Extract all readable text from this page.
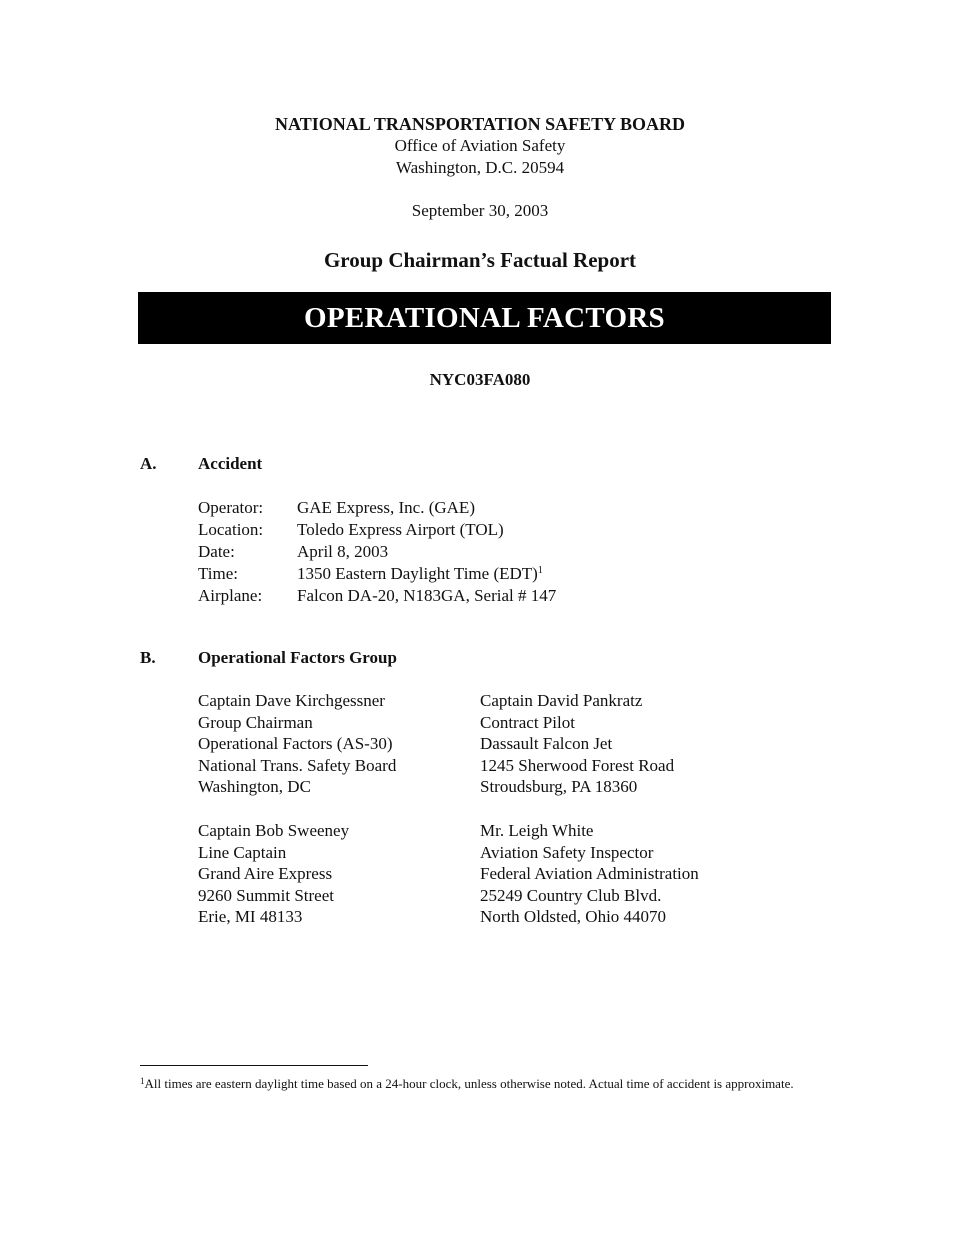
NATIONAL TRANSPORTATION SAFETY BOARD
Office of Aviation Safety
Washington, D.C. 20594
September 30, 2003
Group Chairman’s Factual Report
OPERATIONAL FACTORS
NYC03FA080
A. Accident
Operator:	GAE Express, Inc. (GAE)
Location:	Toledo Express Airport (TOL)
Date:	April 8, 2003
Time:	1350 Eastern Daylight Time (EDT)$^1$
Airplane:	Falcon DA-20, N183GA, Serial # 147
B. Operational Factors Group
Captain Dave Kirchgessner
Group Chairman
Operational Factors (AS-30)
National Trans. Safety Board
Washington, DC
Captain David Pankratz
Contract Pilot
Dassault Falcon Jet
1245 Sherwood Forest Road
Stroudsburg, PA 18360
Captain Bob Sweeney
Line Captain
Grand Aire Express
9260 Summit Street
Erie, MI 48133
Mr. Leigh White
Aviation Safety Inspector
Federal Aviation Administration
25249 Country Club Blvd.
North Oldsted, Ohio 44070
$^1$All times are eastern daylight time based on a 24-hour clock, unless otherwise noted. Actual time of accident is approximate.
